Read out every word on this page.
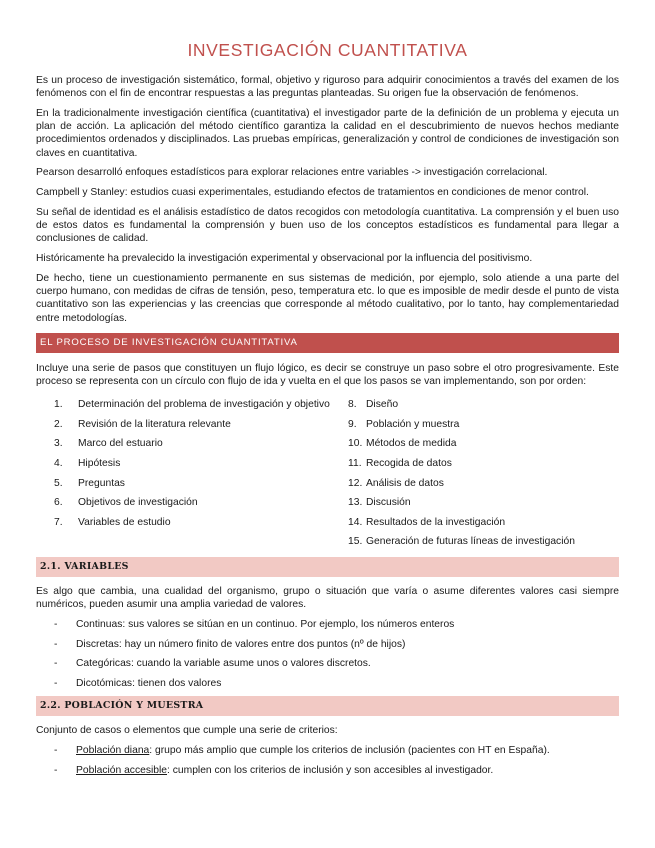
INVESTIGACIÓN CUANTITATIVA

Es un proceso de investigación sistemático, formal, objetivo y riguroso para adquirir conocimientos a través del examen de los fenómenos con el fin de encontrar respuestas a las preguntas planteadas. Su origen fue la observación de fenómenos.

En la tradicionalmente investigación científica (cuantitativa) el investigador parte de la definición de un problema y ejecuta un plan de acción. La aplicación del método científico garantiza la calidad en el descubrimiento de nuevos hechos mediante procedimientos ordenados y disciplinados. Las pruebas empíricas, generalización y control de condiciones de investigación son claves en cuantitativa.

Pearson desarrolló enfoques estadísticos para explorar relaciones entre variables -> investigación correlacional.

Campbell y Stanley: estudios cuasi experimentales, estudiando efectos de tratamientos en condiciones de menor control.

Su señal de identidad es el análisis estadístico de datos recogidos con metodología cuantitativa. La comprensión y el buen uso de estos datos es fundamental la comprensión y buen uso de los conceptos estadísticos es fundamental para llegar a conclusiones de calidad.

Históricamente ha prevalecido la investigación experimental y observacional por la influencia del positivismo.

De hecho, tiene un cuestionamiento permanente en sus sistemas de medición, por ejemplo, solo atiende a una parte del cuerpo humano, con medidas de cifras de tensión, peso, temperatura etc. lo que es imposible de medir desde el punto de vista cuantitativo son las experiencias y las creencias que corresponde al método cualitativo, por lo tanto, hay complementariedad entre metodologías.

EL PROCESO DE INVESTIGACIÓN CUANTITATIVA

Incluye una serie de pasos que constituyen un flujo lógico, es decir se construye un paso sobre el otro progresivamente. Este proceso se representa con un círculo con flujo de ida y vuelta en el que los pasos se van implementando, son por orden:

1.	Determinación del problema de investigación y objetivo
2.	Revisión de la literatura relevante
3.	Marco del estuario
4.	Hipótesis
5.	Preguntas
6.	Objetivos de investigación
7.	Variables de estudio
8. Diseño
9. Población y muestra
10. Métodos de medida
11. Recogida de datos
12. Análisis de datos
13. Discusión
14. Resultados de la investigación
15. Generación de futuras líneas de investigación
2.1. VARIABLES

Es algo que cambia, una cualidad del organismo, grupo o situación que varía o asume diferentes valores casi siempre numéricos, pueden asumir una amplia variedad de valores.

-	Continuas: sus valores se sitúan en un continuo. Por ejemplo, los números enteros
-	Discretas: hay un número finito de valores entre dos puntos (nº de hijos)
-	Categóricas: cuando la variable asume unos o valores discretos.
-	Dicotómicas: tienen dos valores
2.2. POBLACIÓN Y MUESTRA

Conjunto de casos o elementos que cumple una serie de criterios:

-	Población diana: grupo más amplio que cumple los criterios de inclusión (pacientes con HT en España).
-	Población accesible: cumplen con los criterios de inclusión y son accesibles al investigador.
